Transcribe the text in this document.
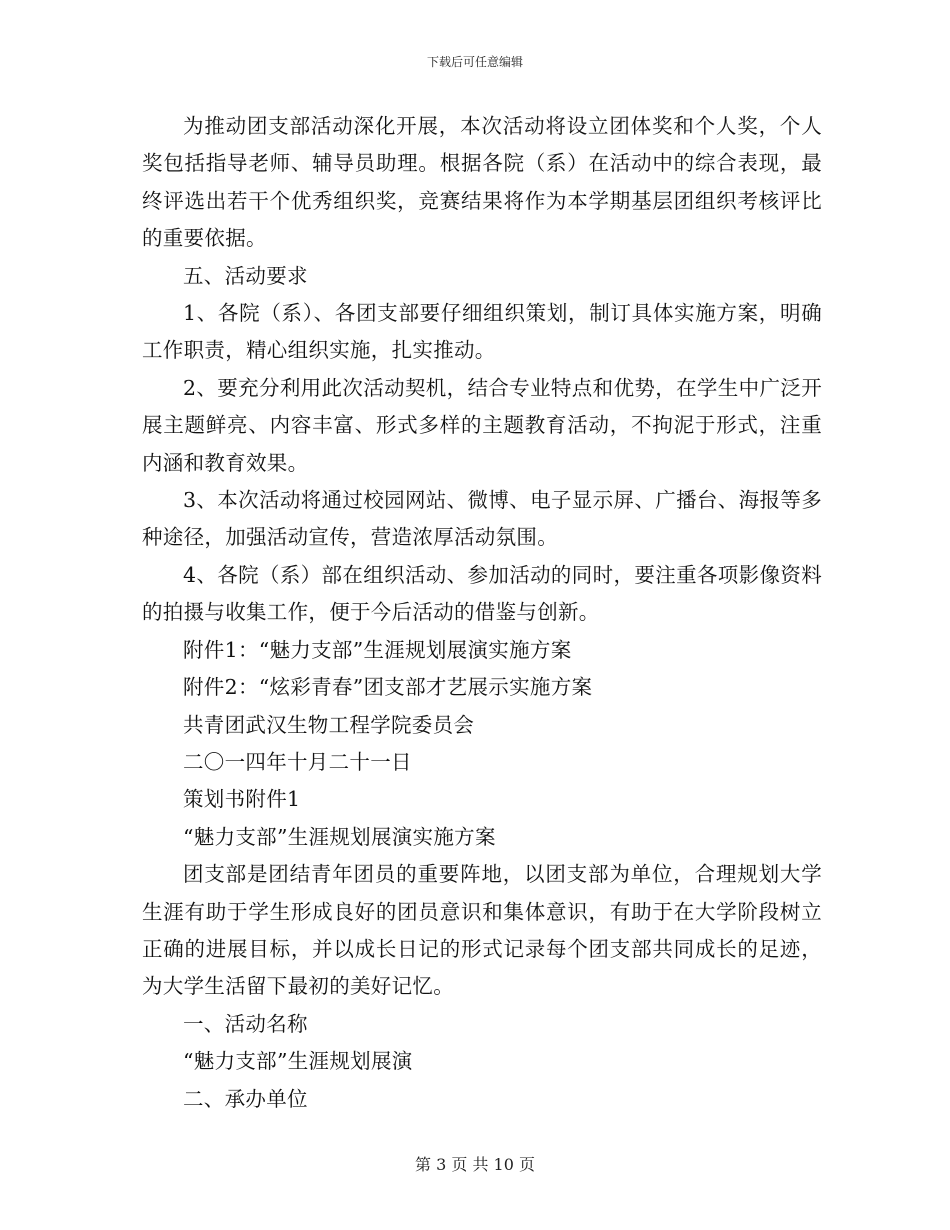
下载后可任意编辑

为推动团支部活动深化开展，本次活动将设立团体奖和个人奖，个人奖包括指导老师、辅导员助理。根据各院（系）在活动中的综合表现，最终评选出若干个优秀组织奖，竞赛结果将作为本学期基层团组织考核评比的重要依据。

五、活动要求

1、各院（系）、各团支部要仔细组织策划，制订具体实施方案，明确工作职责，精心组织实施，扎实推动。

2、要充分利用此次活动契机，结合专业特点和优势，在学生中广泛开展主题鲜亮、内容丰富、形式多样的主题教育活动，不拘泥于形式，注重内涵和教育效果。

3、本次活动将通过校园网站、微博、电子显示屏、广播台、海报等多种途径，加强活动宣传，营造浓厚活动氛围。

4、各院（系）部在组织活动、参加活动的同时，要注重各项影像资料的拍摄与收集工作，便于今后活动的借鉴与创新。

附件1：“魅力支部”生涯规划展演实施方案

附件2：“炫彩青春”团支部才艺展示实施方案

共青团武汉生物工程学院委员会

二〇一四年十月二十一日

策划书附件1

“魅力支部”生涯规划展演实施方案

团支部是团结青年团员的重要阵地，以团支部为单位，合理规划大学生涯有助于学生形成良好的团员意识和集体意识，有助于在大学阶段树立正确的进展目标，并以成长日记的形式记录每个团支部共同成长的足迹，为大学生活留下最初的美好记忆。

一、活动名称

“魅力支部”生涯规划展演

二、承办单位

第 3 页 共 10 页
